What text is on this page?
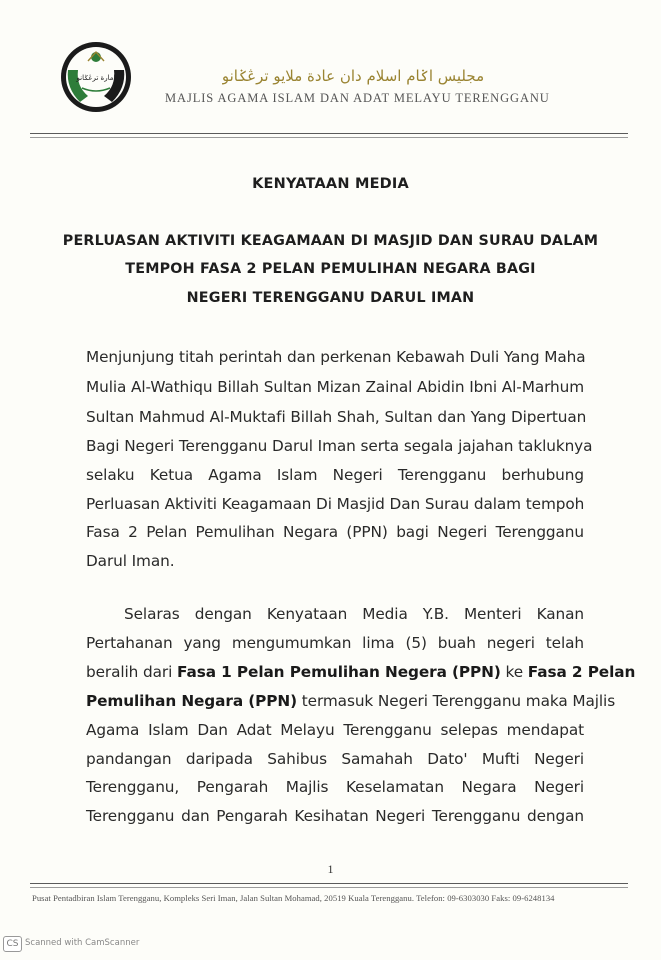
امارة ترڠݢانو	مجليس اݢام اسلام دان عادة ملايو ترڠݢانو
MAJLIS AGAMA ISLAM DAN ADAT MELAYU TERENGGANU
KENYATAAN MEDIA
PERLUASAN AKTIVITI KEAGAMAAN DI MASJID DAN SURAU DALAM
TEMPOH FASA 2 PELAN PEMULIHAN NEGARA BAGI
NEGERI TERENGGANU DARUL IMAN
Menjunjung titah perintah dan perkenan Kebawah Duli Yang Maha
Mulia Al-Wathiqu Billah Sultan Mizan Zainal Abidin Ibni Al-Marhum
Sultan Mahmud Al-Muktafi Billah Shah, Sultan dan Yang Dipertuan
Bagi Negeri Terengganu Darul Iman serta segala jajahan takluknya
selaku Ketua Agama Islam Negeri Terengganu berhubung
Perluasan Aktiviti Keagamaan Di Masjid Dan Surau dalam tempoh
Fasa 2 Pelan Pemulihan Negara (PPN) bagi Negeri Terengganu
Darul Iman.
Selaras dengan Kenyataan Media Y.B. Menteri Kanan
Pertahanan yang mengumumkan lima (5) buah negeri telah
beralih dari Fasa 1 Pelan Pemulihan Negera (PPN) ke Fasa 2 Pelan
Pemulihan Negara (PPN) termasuk Negeri Terengganu maka Majlis
Agama Islam Dan Adat Melayu Terengganu selepas mendapat
pandangan daripada Sahibus Samahah Dato' Mufti Negeri
Terengganu, Pengarah Majlis Keselamatan Negara Negeri
Terengganu dan Pengarah Kesihatan Negeri Terengganu dengan
1
Pusat Pentadbiran Islam Terengganu, Kompleks Seri Iman, Jalan Sultan Mohamad, 20519 Kuala Terengganu. Telefon: 09-6303030 Faks: 09-6248134
CS Scanned with CamScanner
